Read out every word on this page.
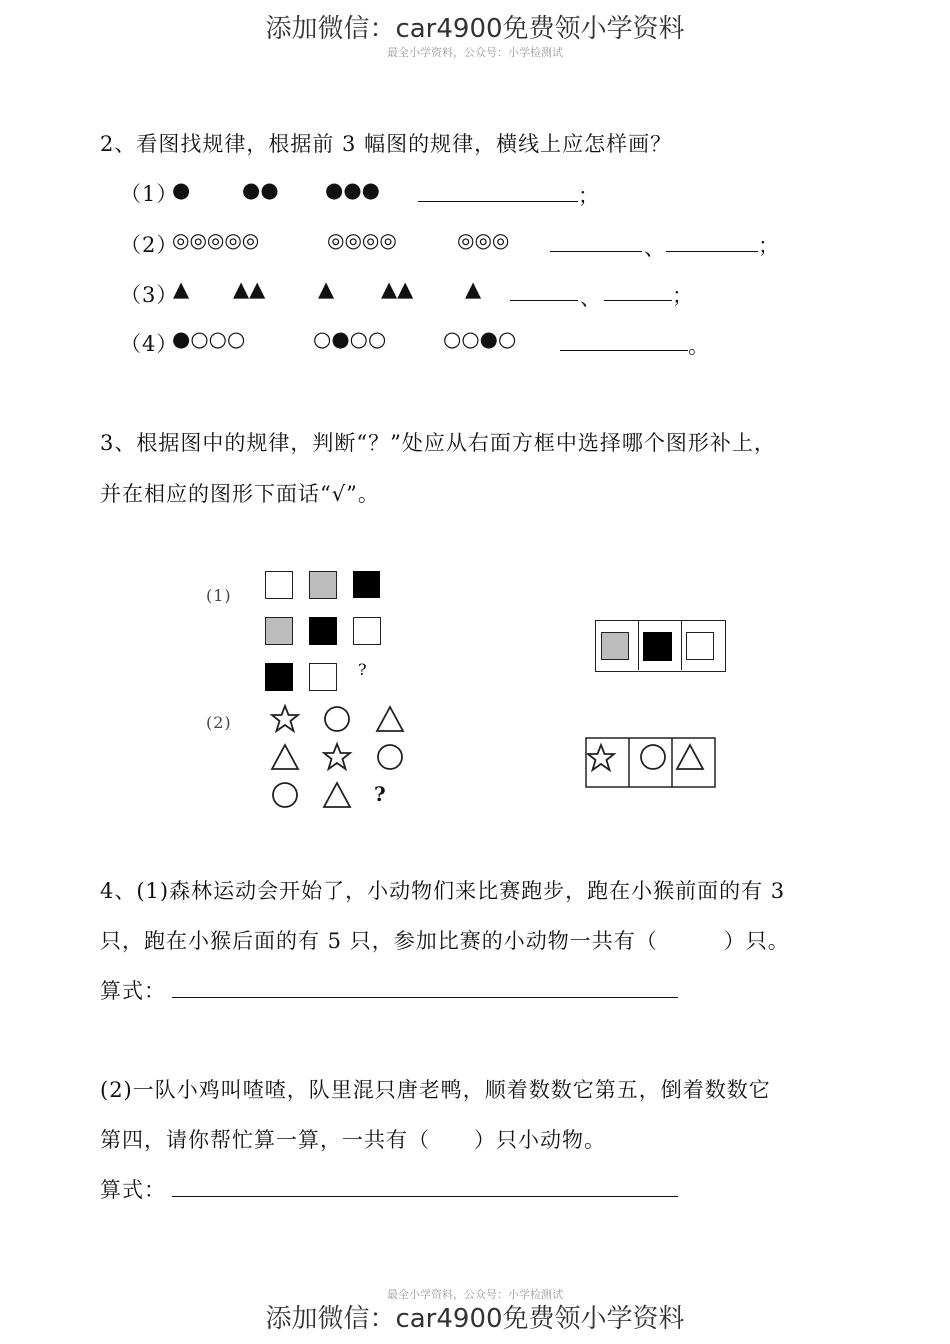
添加微信：car4900免费领小学资料
最全小学资料，公众号：小学检测试
2、看图找规律，根据前 3 幅图的规律，横线上应怎样画？
（1）
● ●● ●●●	；
（2）
◎◎◎◎◎	◎◎◎◎	◎◎◎	、	；
（3）
▲ ▲▲	▲ ▲▲ ▲	、	；
（4）
●○○○	○●○○	○○●○	。
3、根据图中的规律，判断“？”处应从右面方框中选择哪个图形补上，
并在相应的图形下面话“√”。
(1)
?
(2)
?
4、(1)森林运动会开始了，小动物们来比赛跑步，跑在小猴前面的有 3
只，跑在小猴后面的有 5 只，参加比赛的小动物一共有（　　　）只。
算式：
(2)一队小鸡叫喳喳，队里混只唐老鸭，顺着数数它第五，倒着数数它
第四，请你帮忙算一算，一共有（　　）只小动物。
算式：
最全小学资料，公众号：小学检测试
添加微信：car4900免费领小学资料
